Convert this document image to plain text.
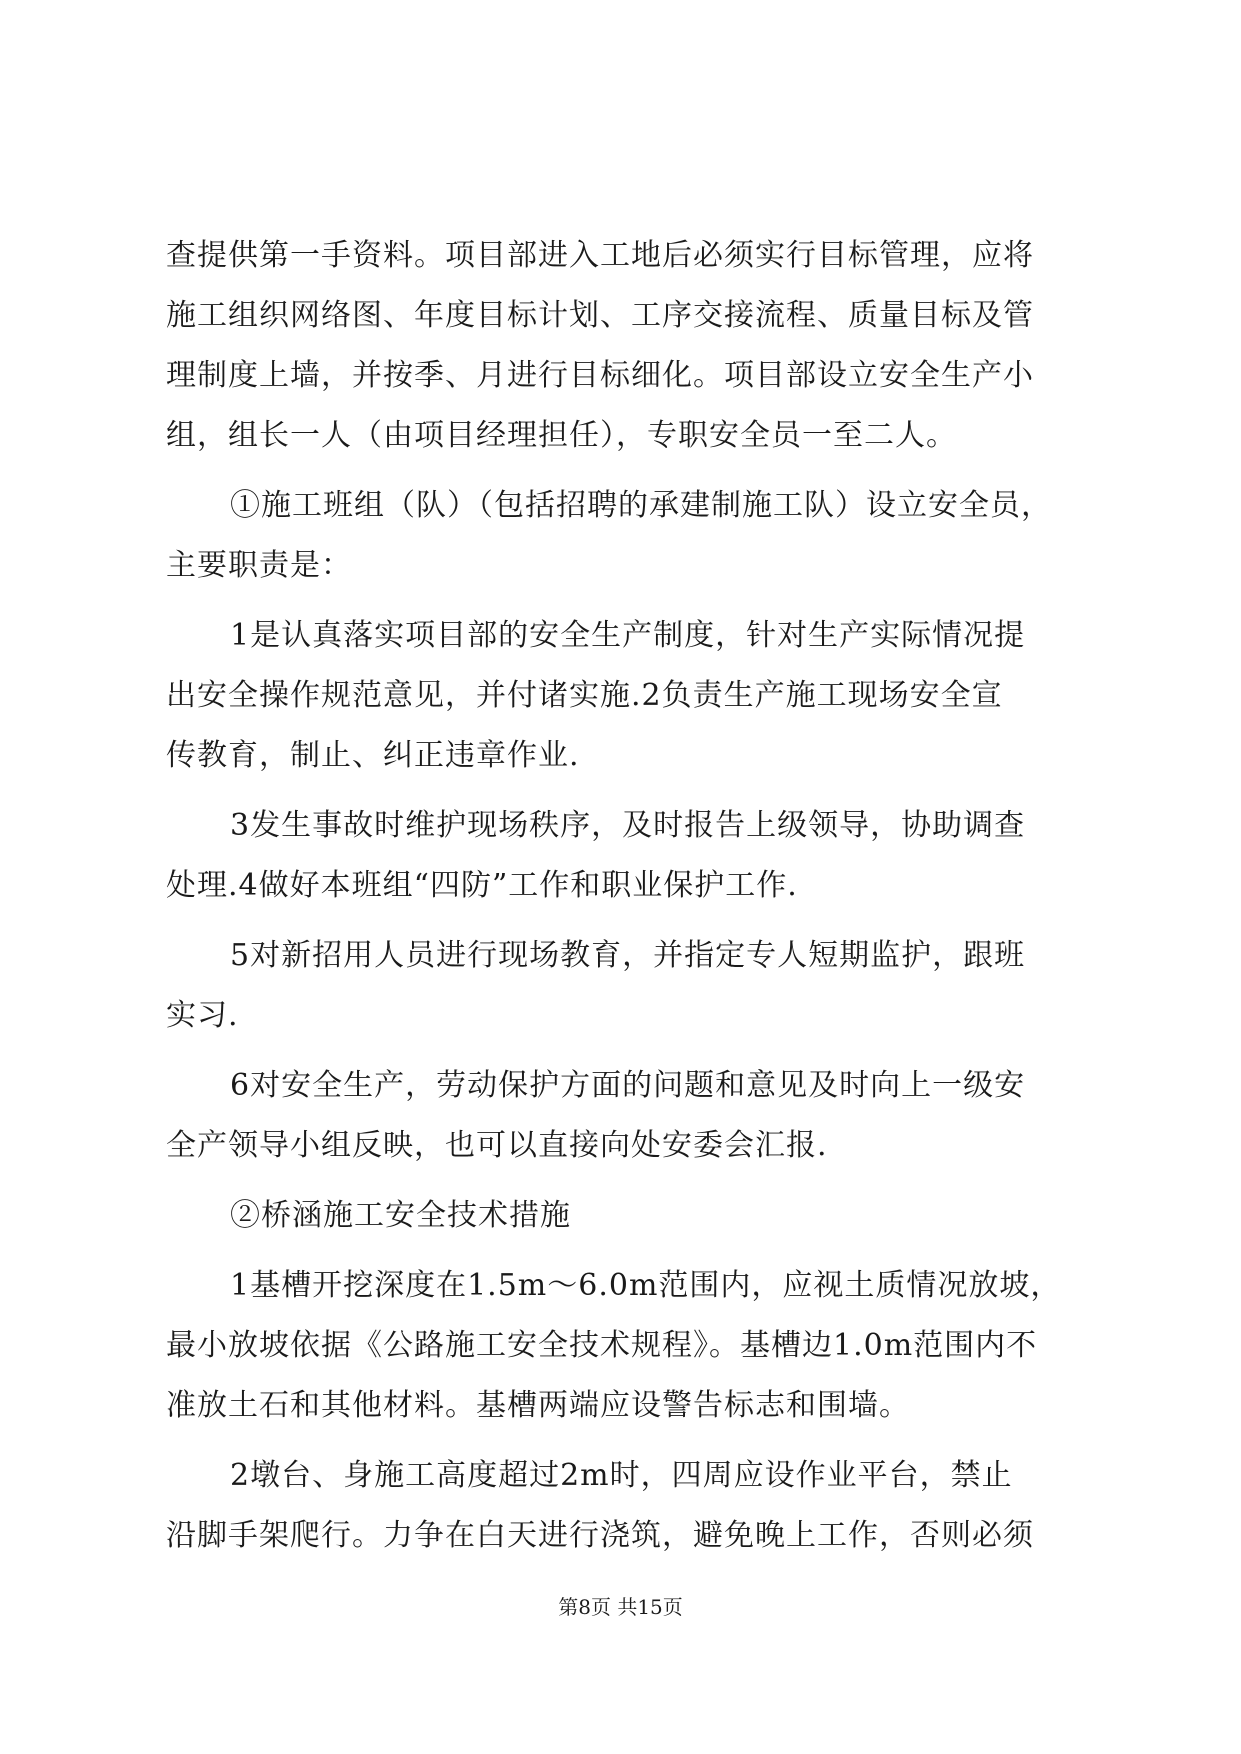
查提供第一手资料。项目部进入工地后必须实行目标管理，应将
施工组织网络图、年度目标计划、工序交接流程、质量目标及管
理制度上墙，并按季、月进行目标细化。项目部设立安全生产小
组，组长一人（由项目经理担任），专职安全员一至二人。
①施工班组（队）（包括招聘的承建制施工队）设立安全员，
主要职责是：
1是认真落实项目部的安全生产制度，针对生产实际情况提
出安全操作规范意见，并付诸实施.2负责生产施工现场安全宣
传教育，制止、纠正违章作业.
3发生事故时维护现场秩序，及时报告上级领导，协助调查
处理.4做好本班组“四防”工作和职业保护工作.
5对新招用人员进行现场教育，并指定专人短期监护，跟班
实习.
6对安全生产，劳动保护方面的问题和意见及时向上一级安
全产领导小组反映，也可以直接向处安委会汇报.
②桥涵施工安全技术措施
1基槽开挖深度在1.5m～6.0m范围内，应视土质情况放坡，
最小放坡依据《公路施工安全技术规程》。基槽边1.0m范围内不
准放土石和其他材料。基槽两端应设警告标志和围墙。
2墩台、身施工高度超过2m时，四周应设作业平台，禁止
沿脚手架爬行。力争在白天进行浇筑，避免晚上工作，否则必须
第8页 共15页
